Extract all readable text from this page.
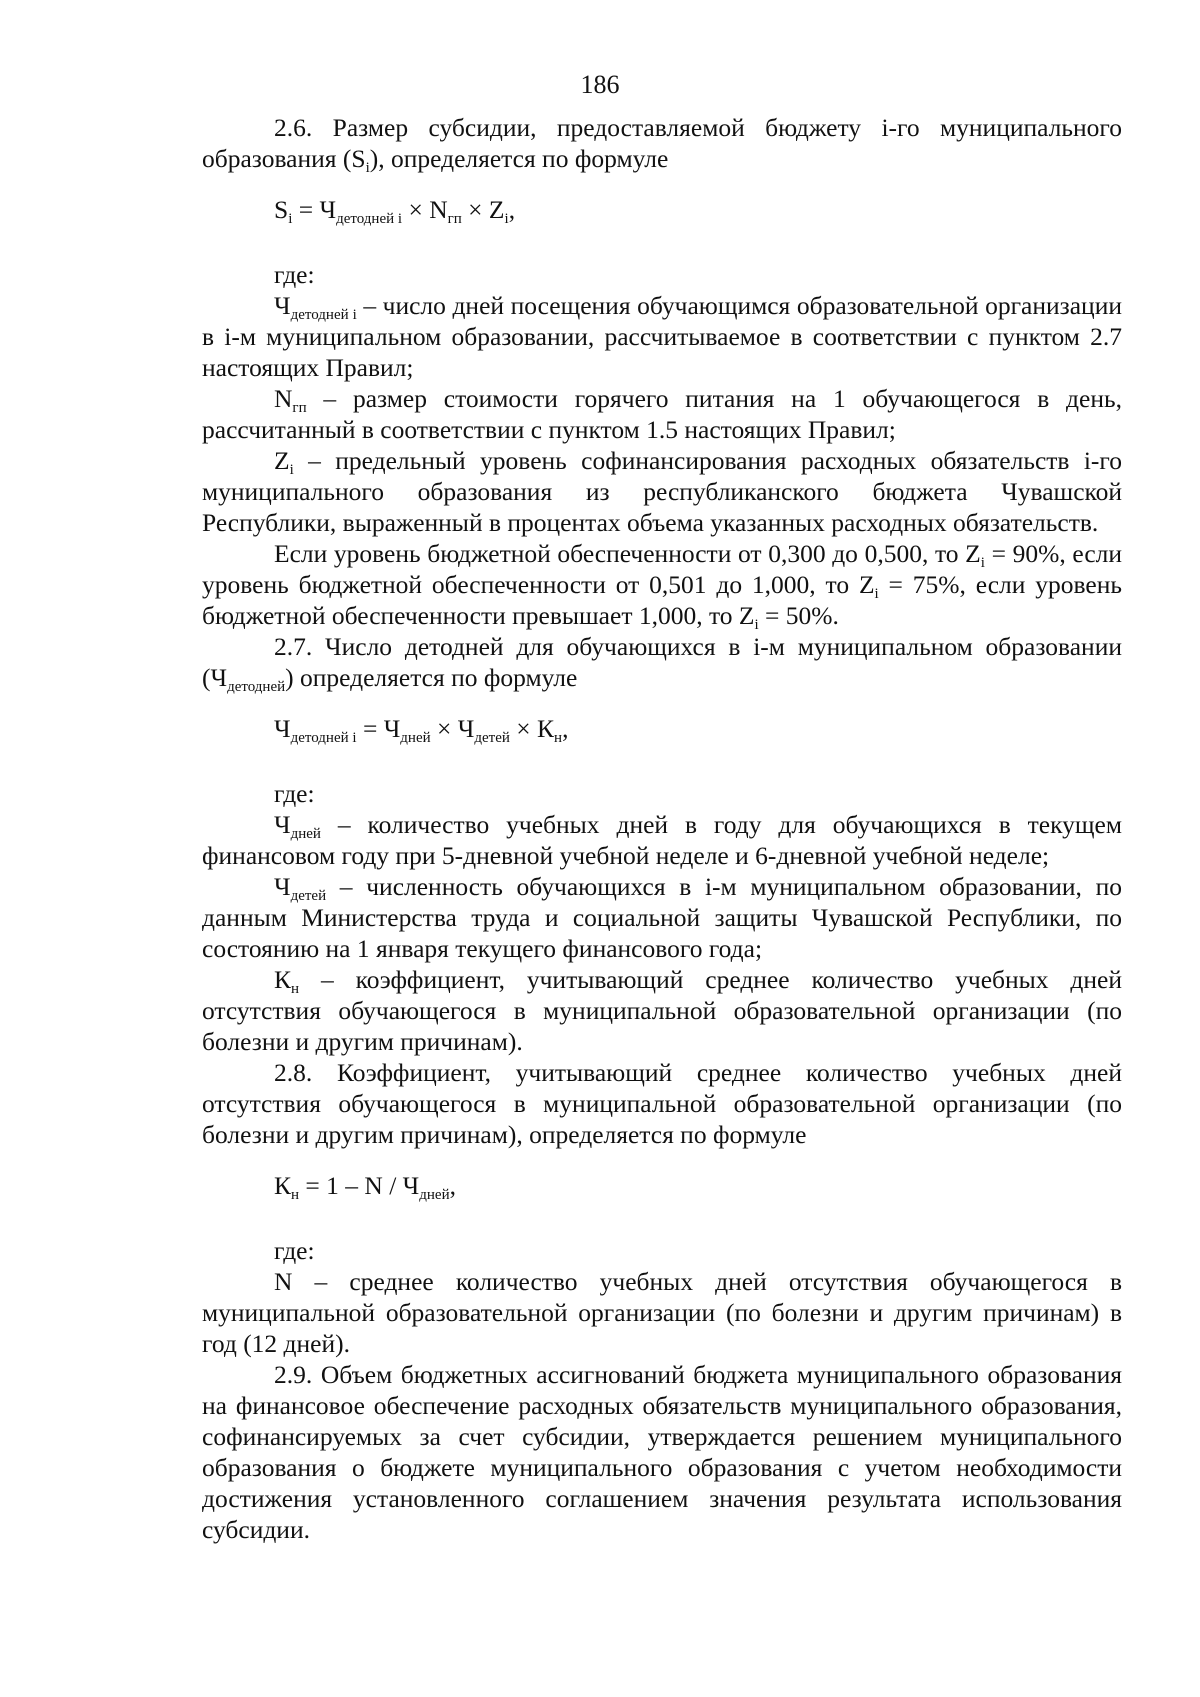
186

2.6. Размер субсидии, предоставляемой бюджету i-го муниципального образования $(S_i)$, определяется по формуле

$S_i = Ч_{детодней i} \times N_{гп} \times Z_i$,

где:

$Ч_{детодней i}$ – число дней посещения обучающимся образовательной организации в i-м муниципальном образовании, рассчитываемое в соответствии с пунктом 2.7 настоящих Правил;

$N_{гп}$ – размер стоимости горячего питания на 1 обучающегося в день, рассчитанный в соответствии с пунктом 1.5 настоящих Правил;

$Z_i$ – предельный уровень софинансирования расходных обязательств i-го муниципального образования из республиканского бюджета Чувашской Республики, выраженный в процентах объема указанных расходных обязательств.

Если уровень бюджетной обеспеченности от 0,300 до 0,500, то $Z_i = 90\%$, если уровень бюджетной обеспеченности от 0,501 до 1,000, то $Z_i = 75\%$, если уровень бюджетной обеспеченности превышает 1,000, то $Z_i = 50\%$.

2.7. Число детодней для обучающихся в i-м муниципальном образовании $(Ч_{детодней})$ определяется по формуле

$Ч_{детодней i} = Ч_{дней} \times Ч_{детей} \times К_н$,

где:

$Ч_{дней}$ – количество учебных дней в году для обучающихся в текущем финансовом году при 5-дневной учебной неделе и 6-дневной учебной неделе;

$Ч_{детей}$ – численность обучающихся в i-м муниципальном образовании, по данным Министерства труда и социальной защиты Чувашской Республики, по состоянию на 1 января текущего финансового года;

$К_н$ – коэффициент, учитывающий среднее количество учебных дней отсутствия обучающегося в муниципальной образовательной организации (по болезни и другим причинам).

2.8. Коэффициент, учитывающий среднее количество учебных дней отсутствия обучающегося в муниципальной образовательной организации (по болезни и другим причинам), определяется по формуле

$К_н = 1 - N / Ч_{дней}$,

где:

N – среднее количество учебных дней отсутствия обучающегося в муниципальной образовательной организации (по болезни и другим причинам) в год (12 дней).

2.9. Объем бюджетных ассигнований бюджета муниципального образования на финансовое обеспечение расходных обязательств муниципального образования, софинансируемых за счет субсидии, утверждается решением муниципального образования о бюджете муниципального образования с учетом необходимости достижения установленного соглашением значения результата использования субсидии.
